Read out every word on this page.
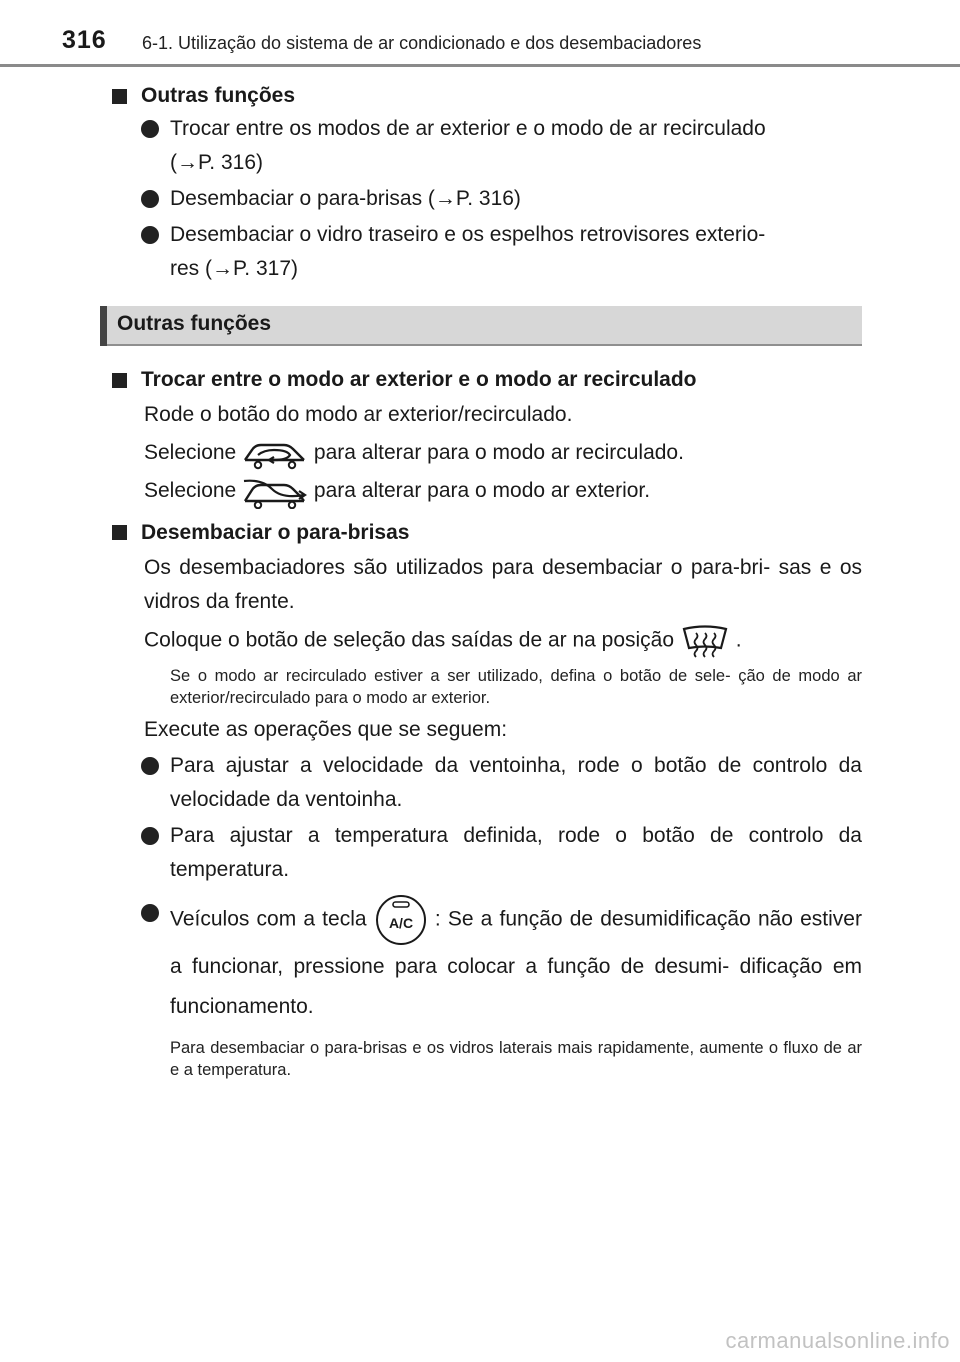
316 6-1. Utilização do sistema de ar condicionado e dos desembaciadores
Outras funções
Trocar entre os modos de ar exterior e o modo de ar recirculado
(→P. 316)
Desembaciar o para-brisas (→P. 316)
Desembaciar o vidro traseiro e os espelhos retrovisores exterio-
res (→P. 317)
Outras funções
Trocar entre o modo ar exterior e o modo ar recirculado
Rode o botão do modo ar exterior/recirculado.
Selecione	para alterar para o modo ar recirculado.
Selecione	para alterar para o modo ar exterior.
Desembaciar o para-brisas
Os desembaciadores são utilizados para desembaciar o para-bri- sas e os vidros da frente.
Coloque o botão de seleção das saídas de ar na posição	.
Se o modo ar recirculado estiver a ser utilizado, defina o botão de sele- ção de modo ar exterior/recirculado para o modo ar exterior.
Execute as operações que se seguem:
Para ajustar a velocidade da ventoinha, rode o botão de controlo da velocidade da ventoinha.
Para ajustar a temperatura definida, rode o botão de controlo da temperatura.
Veículos com a tecla A/C : Se a função de desumidificação não estiver a funcionar, pressione para colocar a função de desumi- dificação em funcionamento.
Para desembaciar o para-brisas e os vidros laterais mais rapidamente, aumente o fluxo de ar e a temperatura.
carmanualsonline.info
